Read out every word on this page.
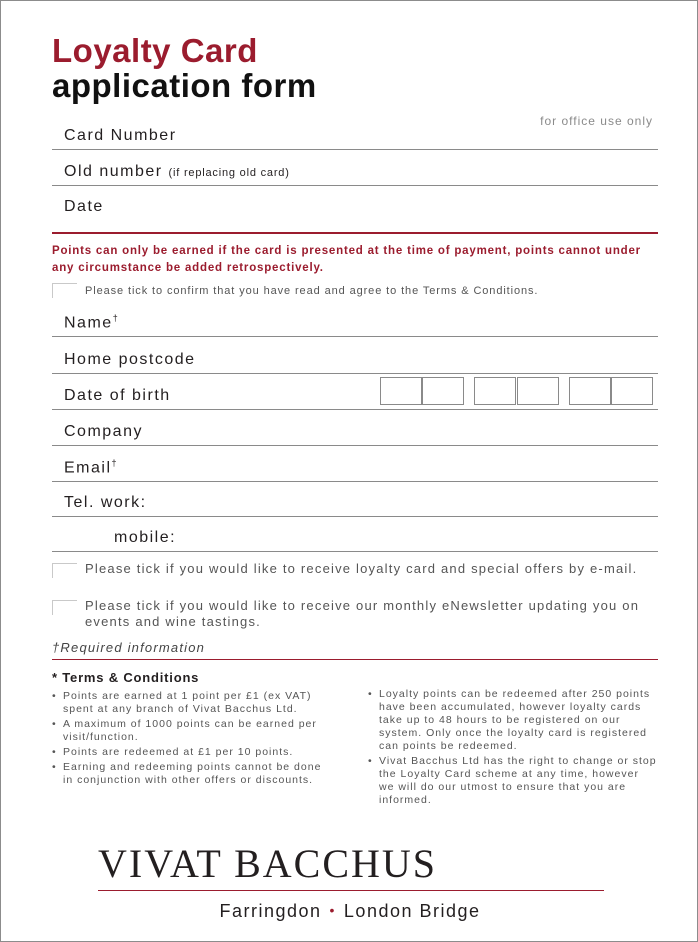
Loyalty Card
application form
for office use only
Card Number
Old number (if replacing old card)
Date
Points can only be earned if the card is presented at the time of payment, points cannot under any circumstance be added retrospectively.
Please tick to confirm that you have read and agree to the Terms & Conditions.
Name†
Home postcode
Date of birth
Company
Email†
Tel. work:
mobile:
Please tick if you would like to receive loyalty card and special offers by e-mail.
Please tick if you would like to receive our monthly eNewsletter updating you on events and wine tastings.
†Required information
* Terms & Conditions
• Points are earned at 1 point per £1 (ex VAT) spent at any branch of Vivat Bacchus Ltd.
• A maximum of 1000 points can be earned per visit/function.
• Points are redeemed at £1 per 10 points.
• Earning and redeeming points cannot be done in conjunction with other offers or discounts.
• Loyalty points can be redeemed after 250 points have been accumulated, however loyalty cards take up to 48 hours to be registered on our system. Only once the loyalty card is registered can points be redeemed.
• Vivat Bacchus Ltd has the right to change or stop the Loyalty Card scheme at any time, however we will do our utmost to ensure that you are informed.
VIVAT BACCHUS
Farringdon • London Bridge
